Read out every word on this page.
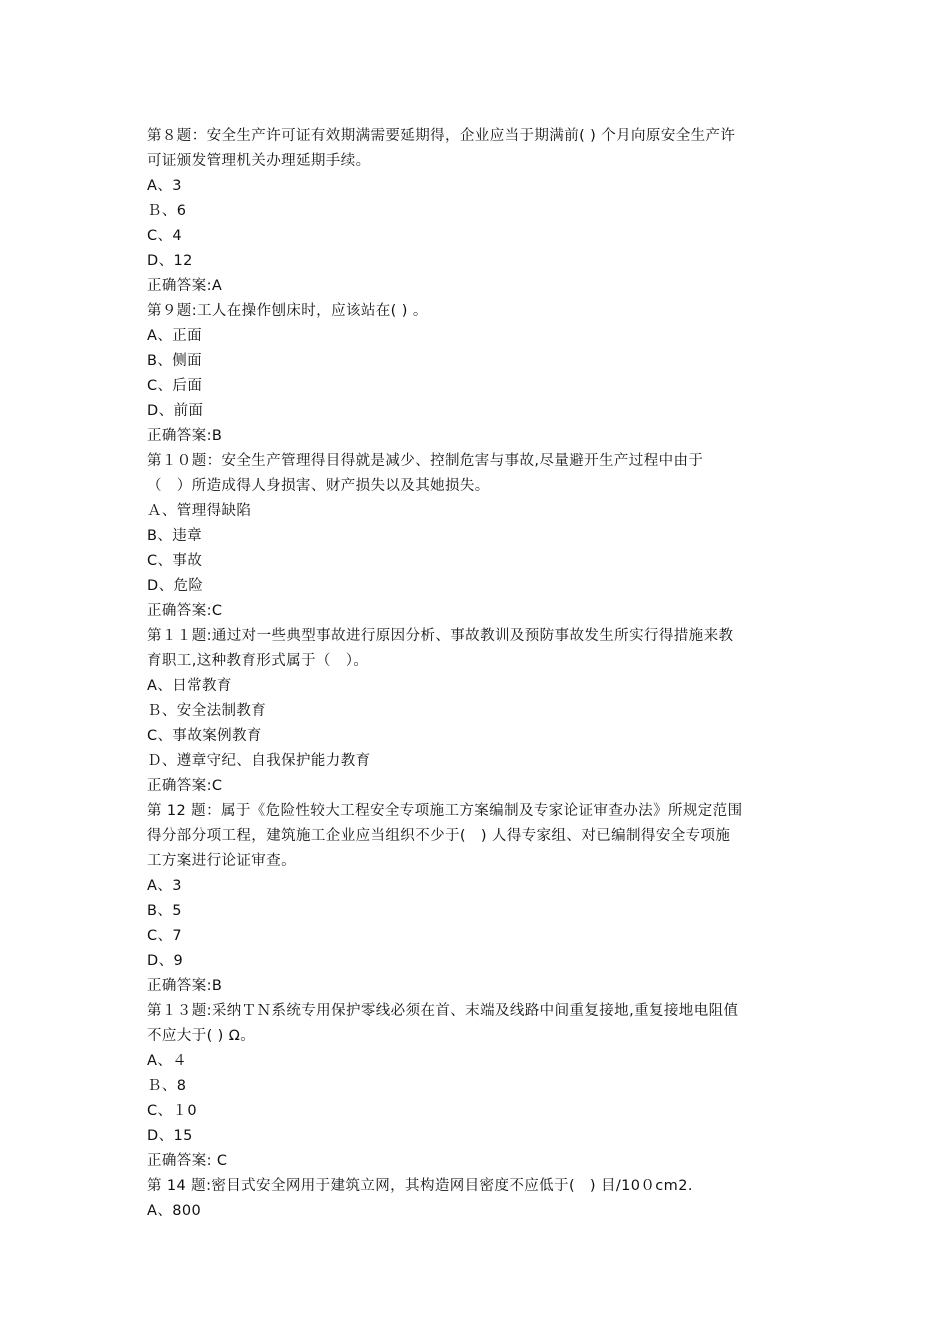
第８题：安全生产许可证有效期满需要延期得，企业应当于期满前( ) 个月向原安全生产许
可证颁发管理机关办理延期手续。
A、3
Ｂ、6
C、4
D、12
正确答案:A
第９题:工人在操作刨床时，应该站在( ) 。
A、正面
B、侧面
C、后面
D、前面
正确答案:B
第１０题：安全生产管理得目得就是减少、控制危害与事故,尽量避开生产过程中由于
（　）所造成得人身损害、财产损失以及其她损失。
Ａ、管理得缺陷
B、违章
C、事故
D、危险
正确答案:C
第１１题:通过对一些典型事故进行原因分析、事故教训及预防事故发生所实行得措施来教
育职工,这种教育形式属于（　）。
A、日常教育
Ｂ、安全法制教育
C、事故案例教育
Ｄ、遵章守纪、自我保护能力教育
正确答案:C
第 12 题：属于《危险性较大工程安全专项施工方案编制及专家论证审查办法》所规定范围
得分部分项工程，建筑施工企业应当组织不少于(　) 人得专家组、对已编制得安全专项施
工方案进行论证审查。
A、3
B、5
C、7
D、9
正确答案:B
第１３题:采纳ＴＮ系统专用保护零线必须在首、末端及线路中间重复接地,重复接地电阻值
不应大于( ) Ω。
A、４
Ｂ、8
C、１0
D、15
正确答案: C
第 14 题:密目式安全网用于建筑立网，其构造网目密度不应低于(　) 目/10０cm2.
A、800
